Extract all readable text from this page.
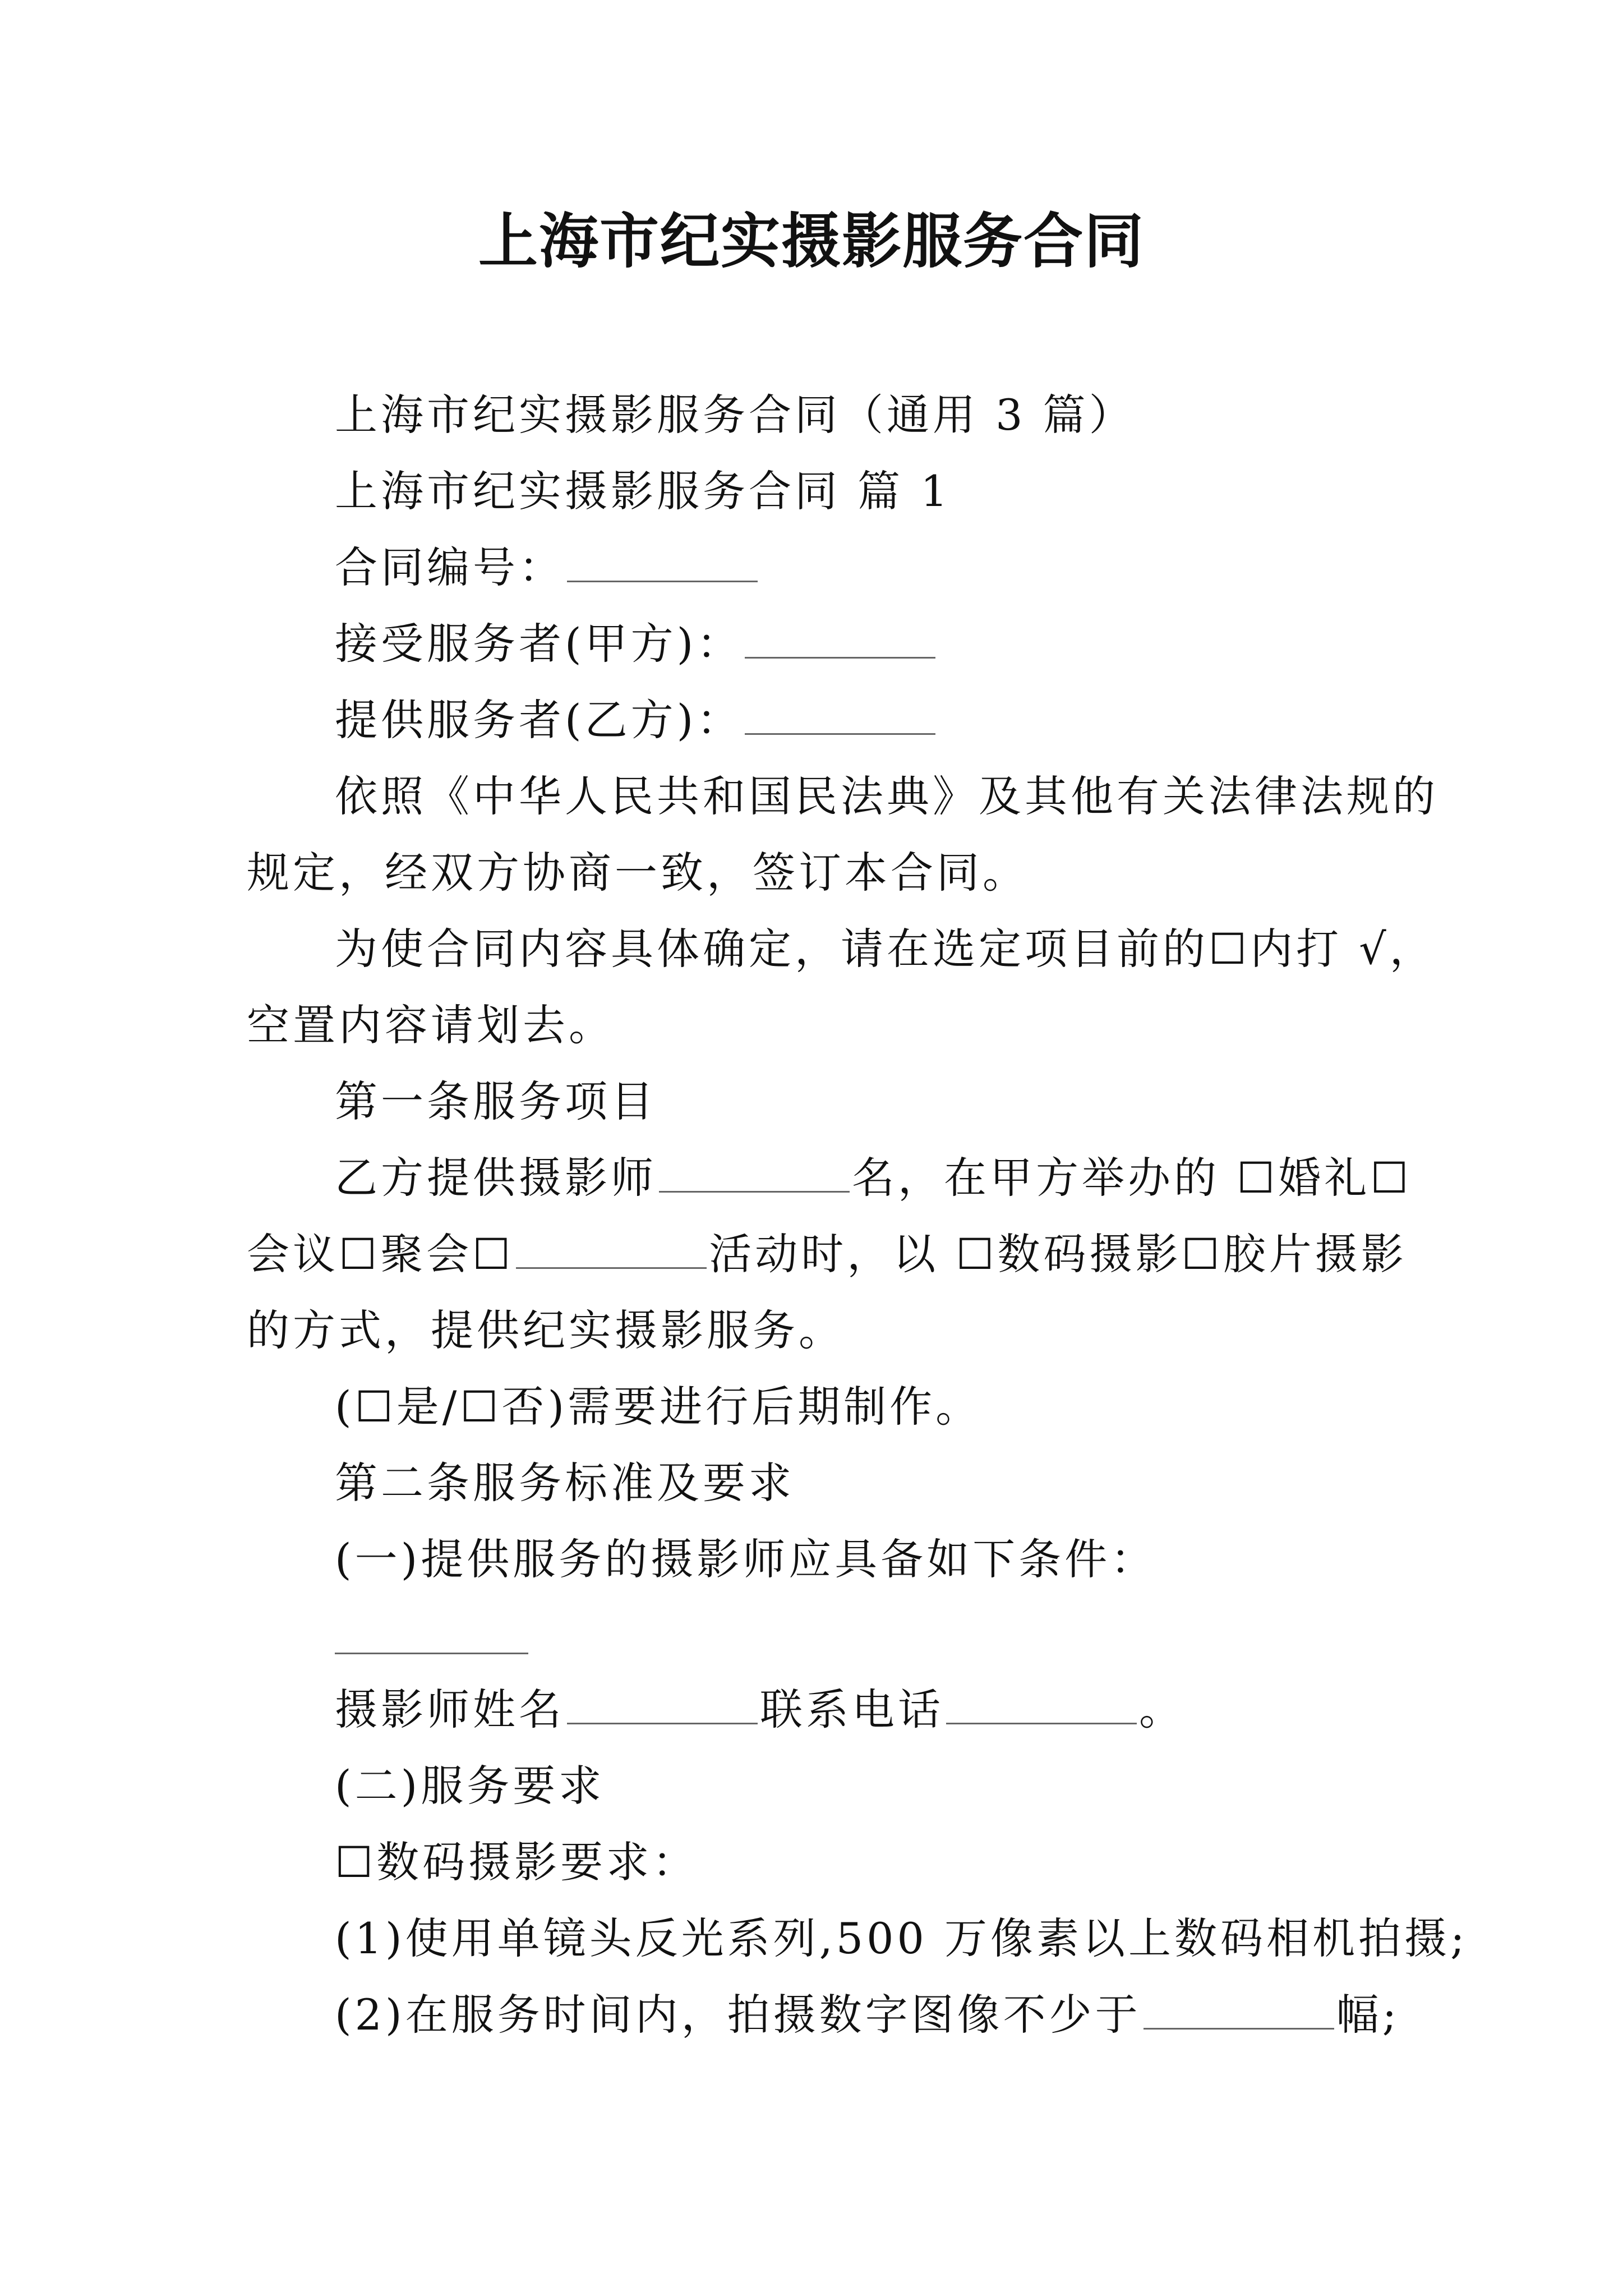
上海市纪实摄影服务合同
上海市纪实摄影服务合同（通用 3 篇）
上海市纪实摄影服务合同 篇 1
合同编号：
接受服务者(甲方)：
提供服务者(乙方)：
依照《中华人民共和国民法典》及其他有关法律法规的
规定，经双方协商一致，签订本合同。
为使合同内容具体确定，请在选定项目前的☐内打 √，
空置内容请划去。
第一条服务项目
乙方提供摄影师	名，在甲方举办的 ☐婚礼☐
会议☐聚会☐	活动时，以 ☐数码摄影☐胶片摄影
的方式，提供纪实摄影服务。
(☐是/☐否)需要进行后期制作。
第二条服务标准及要求
(一)提供服务的摄影师应具备如下条件：
摄影师姓名	联系电话	。
(二)服务要求
☐数码摄影要求：
(1)使用单镜头反光系列,500 万像素以上数码相机拍摄;
(2)在服务时间内，拍摄数字图像不少于	幅;
